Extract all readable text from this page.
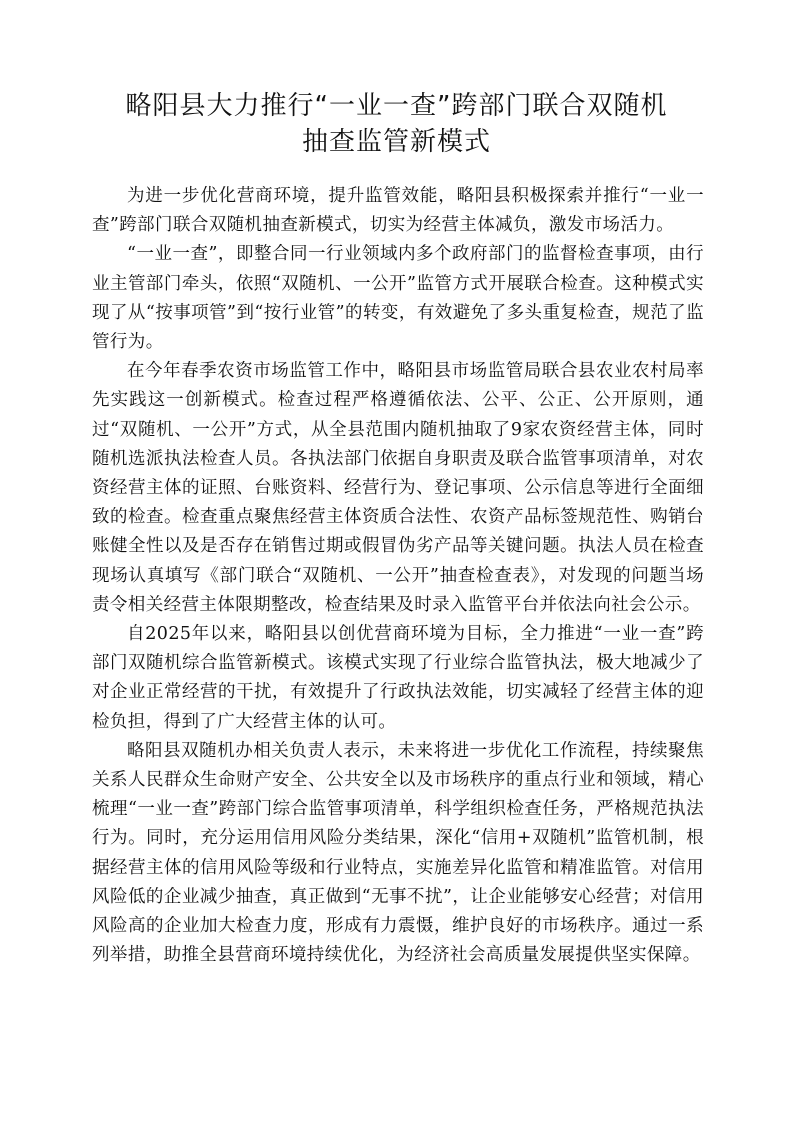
略阳县大力推行“一业一查”跨部门联合双随机
抽查监管新模式

为进一步优化营商环境，提升监管效能，略阳县积极探索并推行“一业一查”跨部门联合双随机抽查新模式，切实为经营主体减负，激发市场活力。

“一业一查”，即整合同一行业领域内多个政府部门的监督检查事项，由行业主管部门牵头，依照“双随机、一公开”监管方式开展联合检查。这种模式实现了从“按事项管”到“按行业管”的转变，有效避免了多头重复检查，规范了监管行为。

在今年春季农资市场监管工作中，略阳县市场监管局联合县农业农村局率先实践这一创新模式。检查过程严格遵循依法、公平、公正、公开原则，通过“双随机、一公开”方式，从全县范围内随机抽取了9家农资经营主体，同时随机选派执法检查人员。各执法部门依据自身职责及联合监管事项清单，对农资经营主体的证照、台账资料、经营行为、登记事项、公示信息等进行全面细致的检查。检查重点聚焦经营主体资质合法性、农资产品标签规范性、购销台账健全性以及是否存在销售过期或假冒伪劣产品等关键问题。执法人员在检查现场认真填写《部门联合“双随机、一公开”抽查检查表》，对发现的问题当场责令相关经营主体限期整改，检查结果及时录入监管平台并依法向社会公示。

自2025年以来，略阳县以创优营商环境为目标，全力推进“一业一查”跨部门双随机综合监管新模式。该模式实现了行业综合监管执法，极大地减少了对企业正常经营的干扰，有效提升了行政执法效能，切实减轻了经营主体的迎检负担，得到了广大经营主体的认可。

略阳县双随机办相关负责人表示，未来将进一步优化工作流程，持续聚焦关系人民群众生命财产安全、公共安全以及市场秩序的重点行业和领域，精心梳理“一业一查”跨部门综合监管事项清单，科学组织检查任务，严格规范执法行为。同时，充分运用信用风险分类结果，深化“信用+双随机”监管机制，根据经营主体的信用风险等级和行业特点，实施差异化监管和精准监管。对信用风险低的企业减少抽查，真正做到“无事不扰”，让企业能够安心经营；对信用风险高的企业加大检查力度，形成有力震慑，维护良好的市场秩序。通过一系列举措，助推全县营商环境持续优化，为经济社会高质量发展提供坚实保障。
